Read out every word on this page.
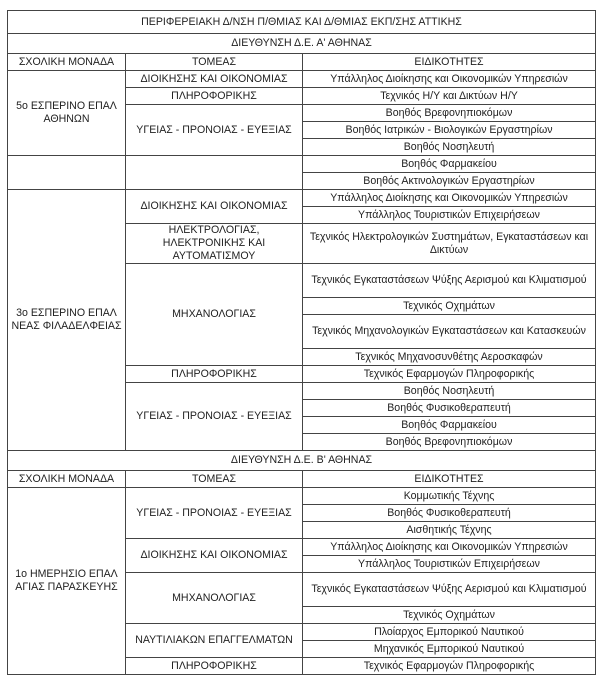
ΠΕΡΙΦΕΡΕΙΑΚΗ Δ/ΝΣΗ Π/ΘΜΙΑΣ ΚΑΙ Δ/ΘΜΙΑΣ ΕΚΠ/ΣΗΣ ΑΤΤΙΚΗΣ		
ΔΙΕΥΘΥΝΣΗ Δ.Ε. Α' ΑΘΗΝΑΣ		
ΣΧΟΛΙΚΗ ΜΟΝΑΔΑ	ΤΟΜΕΑΣ	ΕΙΔΙΚΟΤΗΤΕΣ
5ο ΕΣΠΕΡΙΝΟ ΕΠΑΛ ΑΘΗΝΩΝ	ΔΙΟΙΚΗΣΗΣ ΚΑΙ ΟΙΚΟΝΟΜΙΑΣ	Υπάλληλος Διοίκησης και Οικονομικών Υπηρεσιών
	ΠΛΗΡΟΦΟΡΙΚΗΣ	Τεχνικός Η/Υ και Δικτύων Η/Υ
	ΥΓΕΙΑΣ - ΠΡΟΝΟΙΑΣ - ΕΥΕΞΙΑΣ	Βοηθός Βρεφονηπιοκόμων
		Βοηθός Ιατρικών - Βιολογικών Εργαστηρίων
		Βοηθός Νοσηλευτή
		Βοηθός Φαρμακείου
		Βοηθός Ακτινολογικών Εργαστηρίων
3ο ΕΣΠΕΡΙΝΟ ΕΠΑΛ ΝΕΑΣ ΦΙΛΑΔΕΛΦΕΙΑΣ	ΔΙΟΙΚΗΣΗΣ ΚΑΙ ΟΙΚΟΝΟΜΙΑΣ	Υπάλληλος Διοίκησης και Οικονομικών Υπηρεσιών
		Υπάλληλος Τουριστικών Επιχειρήσεων
	ΗΛΕΚΤΡΟΛΟΓΙΑΣ, ΗΛΕΚΤΡΟΝΙΚΗΣ ΚΑΙ ΑΥΤΟΜΑΤΙΣΜΟΥ	Τεχνικός Ηλεκτρολογικών Συστημάτων, Εγκαταστάσεων και Δικτύων
	ΜΗΧΑΝΟΛΟΓΙΑΣ	Τεχνικός Εγκαταστάσεων Ψύξης Αερισμού και Κλιματισμού
		Τεχνικός Οχημάτων
		Τεχνικός Μηχανολογικών Εγκαταστάσεων και Κατασκευών
		Τεχνικός Μηχανοσυνθέτης Αεροσκαφών
	ΠΛΗΡΟΦΟΡΙΚΗΣ	Τεχνικός Εφαρμογών Πληροφορικής
	ΥΓΕΙΑΣ - ΠΡΟΝΟΙΑΣ - ΕΥΕΞΙΑΣ	Βοηθός Νοσηλευτή
		Βοηθός Φυσικοθεραπευτή
		Βοηθός Φαρμακείου
		Βοηθός Βρεφονηπιοκόμων
ΔΙΕΥΘΥΝΣΗ Δ.Ε. Β' ΑΘΗΝΑΣ		
ΣΧΟΛΙΚΗ ΜΟΝΑΔΑ	ΤΟΜΕΑΣ	ΕΙΔΙΚΟΤΗΤΕΣ
1ο ΗΜΕΡΗΣΙΟ ΕΠΑΛ ΑΓΙΑΣ ΠΑΡΑΣΚΕΥΗΣ	ΥΓΕΙΑΣ - ΠΡΟΝΟΙΑΣ - ΕΥΕΞΙΑΣ	Κομμωτικής Τέχνης
		Βοηθός Φυσικοθεραπευτή
		Αισθητικής Τέχνης
	ΔΙΟΙΚΗΣΗΣ ΚΑΙ ΟΙΚΟΝΟΜΙΑΣ	Υπάλληλος Διοίκησης και Οικονομικών Υπηρεσιών
		Υπάλληλος Τουριστικών Επιχειρήσεων
	ΜΗΧΑΝΟΛΟΓΙΑΣ	Τεχνικός Εγκαταστάσεων Ψύξης Αερισμού και Κλιματισμού
		Τεχνικός Οχημάτων
	ΝΑΥΤΙΛΙΑΚΩΝ ΕΠΑΓΓΕΛΜΑΤΩΝ	Πλοίαρχος Εμπορικού Ναυτικού
		Μηχανικός Εμπορικού Ναυτικού
	ΠΛΗΡΟΦΟΡΙΚΗΣ	Τεχνικός Εφαρμογών Πληροφορικής
